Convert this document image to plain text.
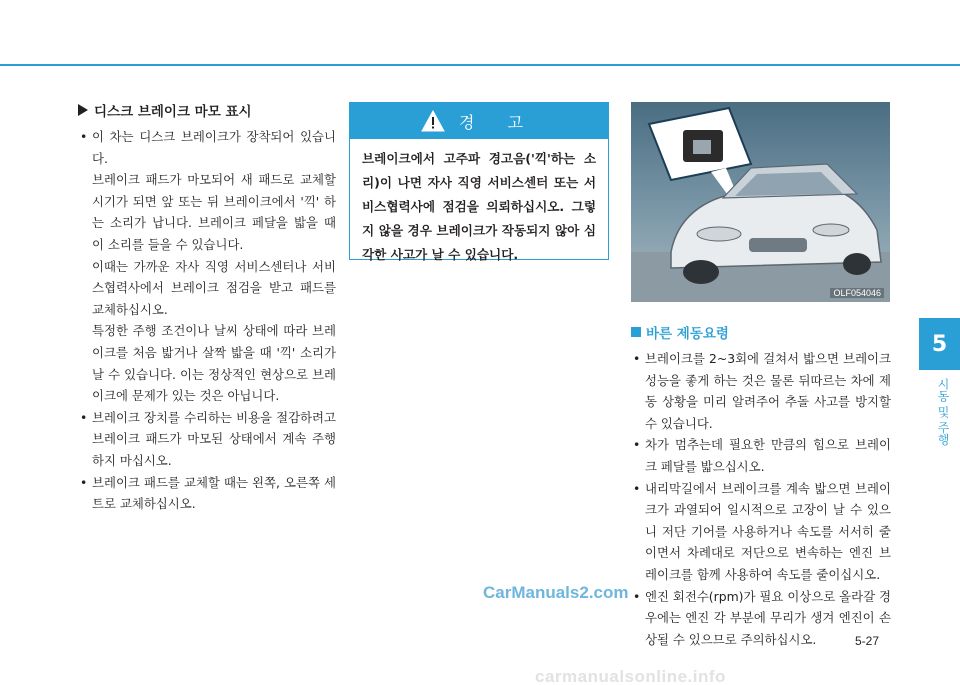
디스크 브레이크 마모 표시
• 이 차는 디스크 브레이크가 장착되어 있습니다.
브레이크 패드가 마모되어 새 패드로 교체할 시기가 되면 앞 또는 뒤 브레이크에서 '끽' 하는 소리가 납니다. 브레이크 페달을 밟을 때 이 소리를 들을 수 있습니다.
이때는 가까운 자사 직영 서비스센터나 서비스협력사에서 브레이크 점검을 받고 패드를 교체하십시오.
특정한 주행 조건이나 날씨 상태에 따라 브레이크를 처음 밟거나 살짝 밟을 때 '끽' 소리가 날 수 있습니다. 이는 정상적인 현상으로 브레이크에 문제가 있는 것은 아닙니다.
• 브레이크 장치를 수리하는 비용을 절감하려고 브레이크 패드가 마모된 상태에서 계속 주행하지 마십시오.
• 브레이크 패드를 교체할 때는 왼쪽, 오른쪽 세트로 교체하십시오.
경 고
브레이크에서 고주파 경고음('끽'하는 소리)이 나면 자사 직영 서비스센터 또는 서비스협력사에 점검을 의뢰하십시오. 그렇지 않을 경우 브레이크가 작동되지 않아 심각한 사고가 날 수 있습니다.
OLF054046
바른 제동요령
• 브레이크를 2~3회에 걸쳐서 밟으면 브레이크 성능을 좋게 하는 것은 물론 뒤따르는 차에 제동 상황을 미리 알려주어 추돌 사고를 방지할 수 있습니다.
• 차가 멈추는데 필요한 만큼의 힘으로 브레이크 페달를 밟으십시오.
• 내리막길에서 브레이크를 계속 밟으면 브레이크가 과열되어 일시적으로 고장이 날 수 있으니 저단 기어를 사용하거나 속도를 서서히 줄이면서 차례대로 저단으로 변속하는 엔진 브레이크를 함께 사용하여 속도를 줄이십시오.
• 엔진 회전수(rpm)가 필요 이상으로 올라갈 경우에는 엔진 각 부분에 무리가 생겨 엔진이 손상될 수 있으므로 주의하십시오.
5
시동 및 주행
CarManuals2.com
5-27
carmanualsonline.info
